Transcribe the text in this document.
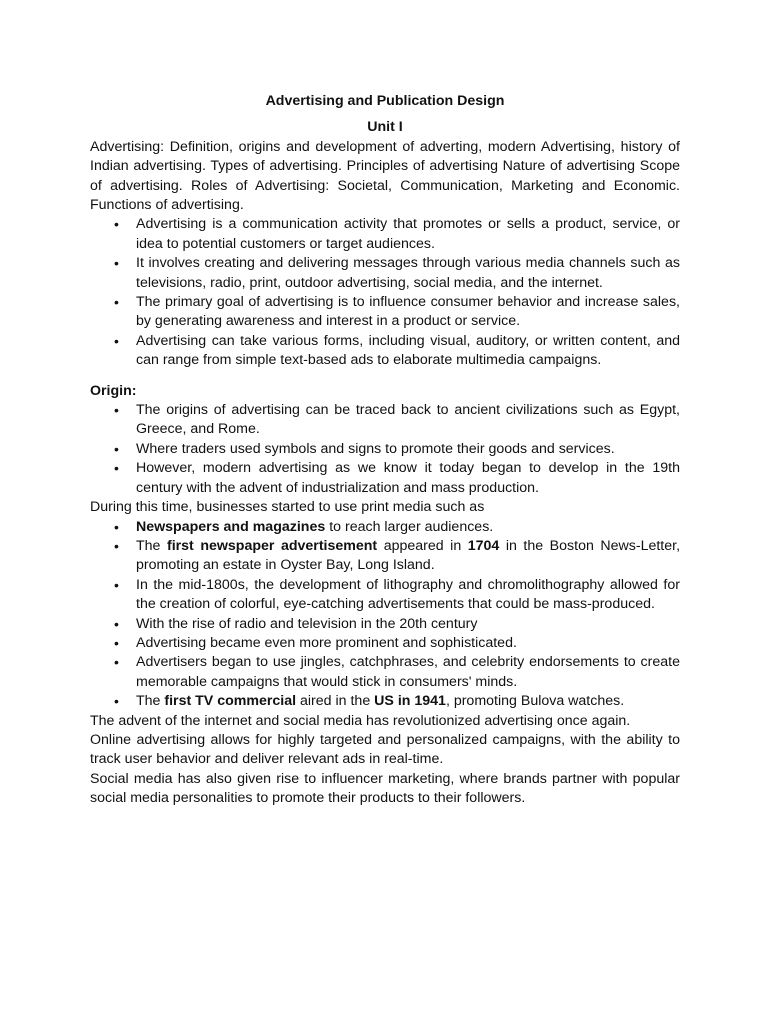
Advertising and Publication Design
Unit I

Advertising: Definition, origins and development of adverting, modern Advertising, history of Indian advertising. Types of advertising. Principles of advertising Nature of advertising Scope of advertising. Roles of Advertising: Societal, Communication, Marketing and Economic. Functions of advertising.

• Advertising is a communication activity that promotes or sells a product, service, or idea to potential customers or target audiences.
• It involves creating and delivering messages through various media channels such as televisions, radio, print, outdoor advertising, social media, and the internet.
• The primary goal of advertising is to influence consumer behavior and increase sales, by generating awareness and interest in a product or service.
• Advertising can take various forms, including visual, auditory, or written content, and can range from simple text-based ads to elaborate multimedia campaigns.

Origin:

• The origins of advertising can be traced back to ancient civilizations such as Egypt, Greece, and Rome.
• Where traders used symbols and signs to promote their goods and services.
• However, modern advertising as we know it today began to develop in the 19th century with the advent of industrialization and mass production.

During this time, businesses started to use print media such as

• Newspapers and magazines to reach larger audiences.
• The first newspaper advertisement appeared in 1704 in the Boston News-Letter, promoting an estate in Oyster Bay, Long Island.
• In the mid-1800s, the development of lithography and chromolithography allowed for the creation of colorful, eye-catching advertisements that could be mass-produced.
• With the rise of radio and television in the 20th century
• Advertising became even more prominent and sophisticated.
• Advertisers began to use jingles, catchphrases, and celebrity endorsements to create memorable campaigns that would stick in consumers' minds.
• The first TV commercial aired in the US in 1941, promoting Bulova watches.

The advent of the internet and social media has revolutionized advertising once again.

Online advertising allows for highly targeted and personalized campaigns, with the ability to track user behavior and deliver relevant ads in real-time.

Social media has also given rise to influencer marketing, where brands partner with popular social media personalities to promote their products to their followers.
